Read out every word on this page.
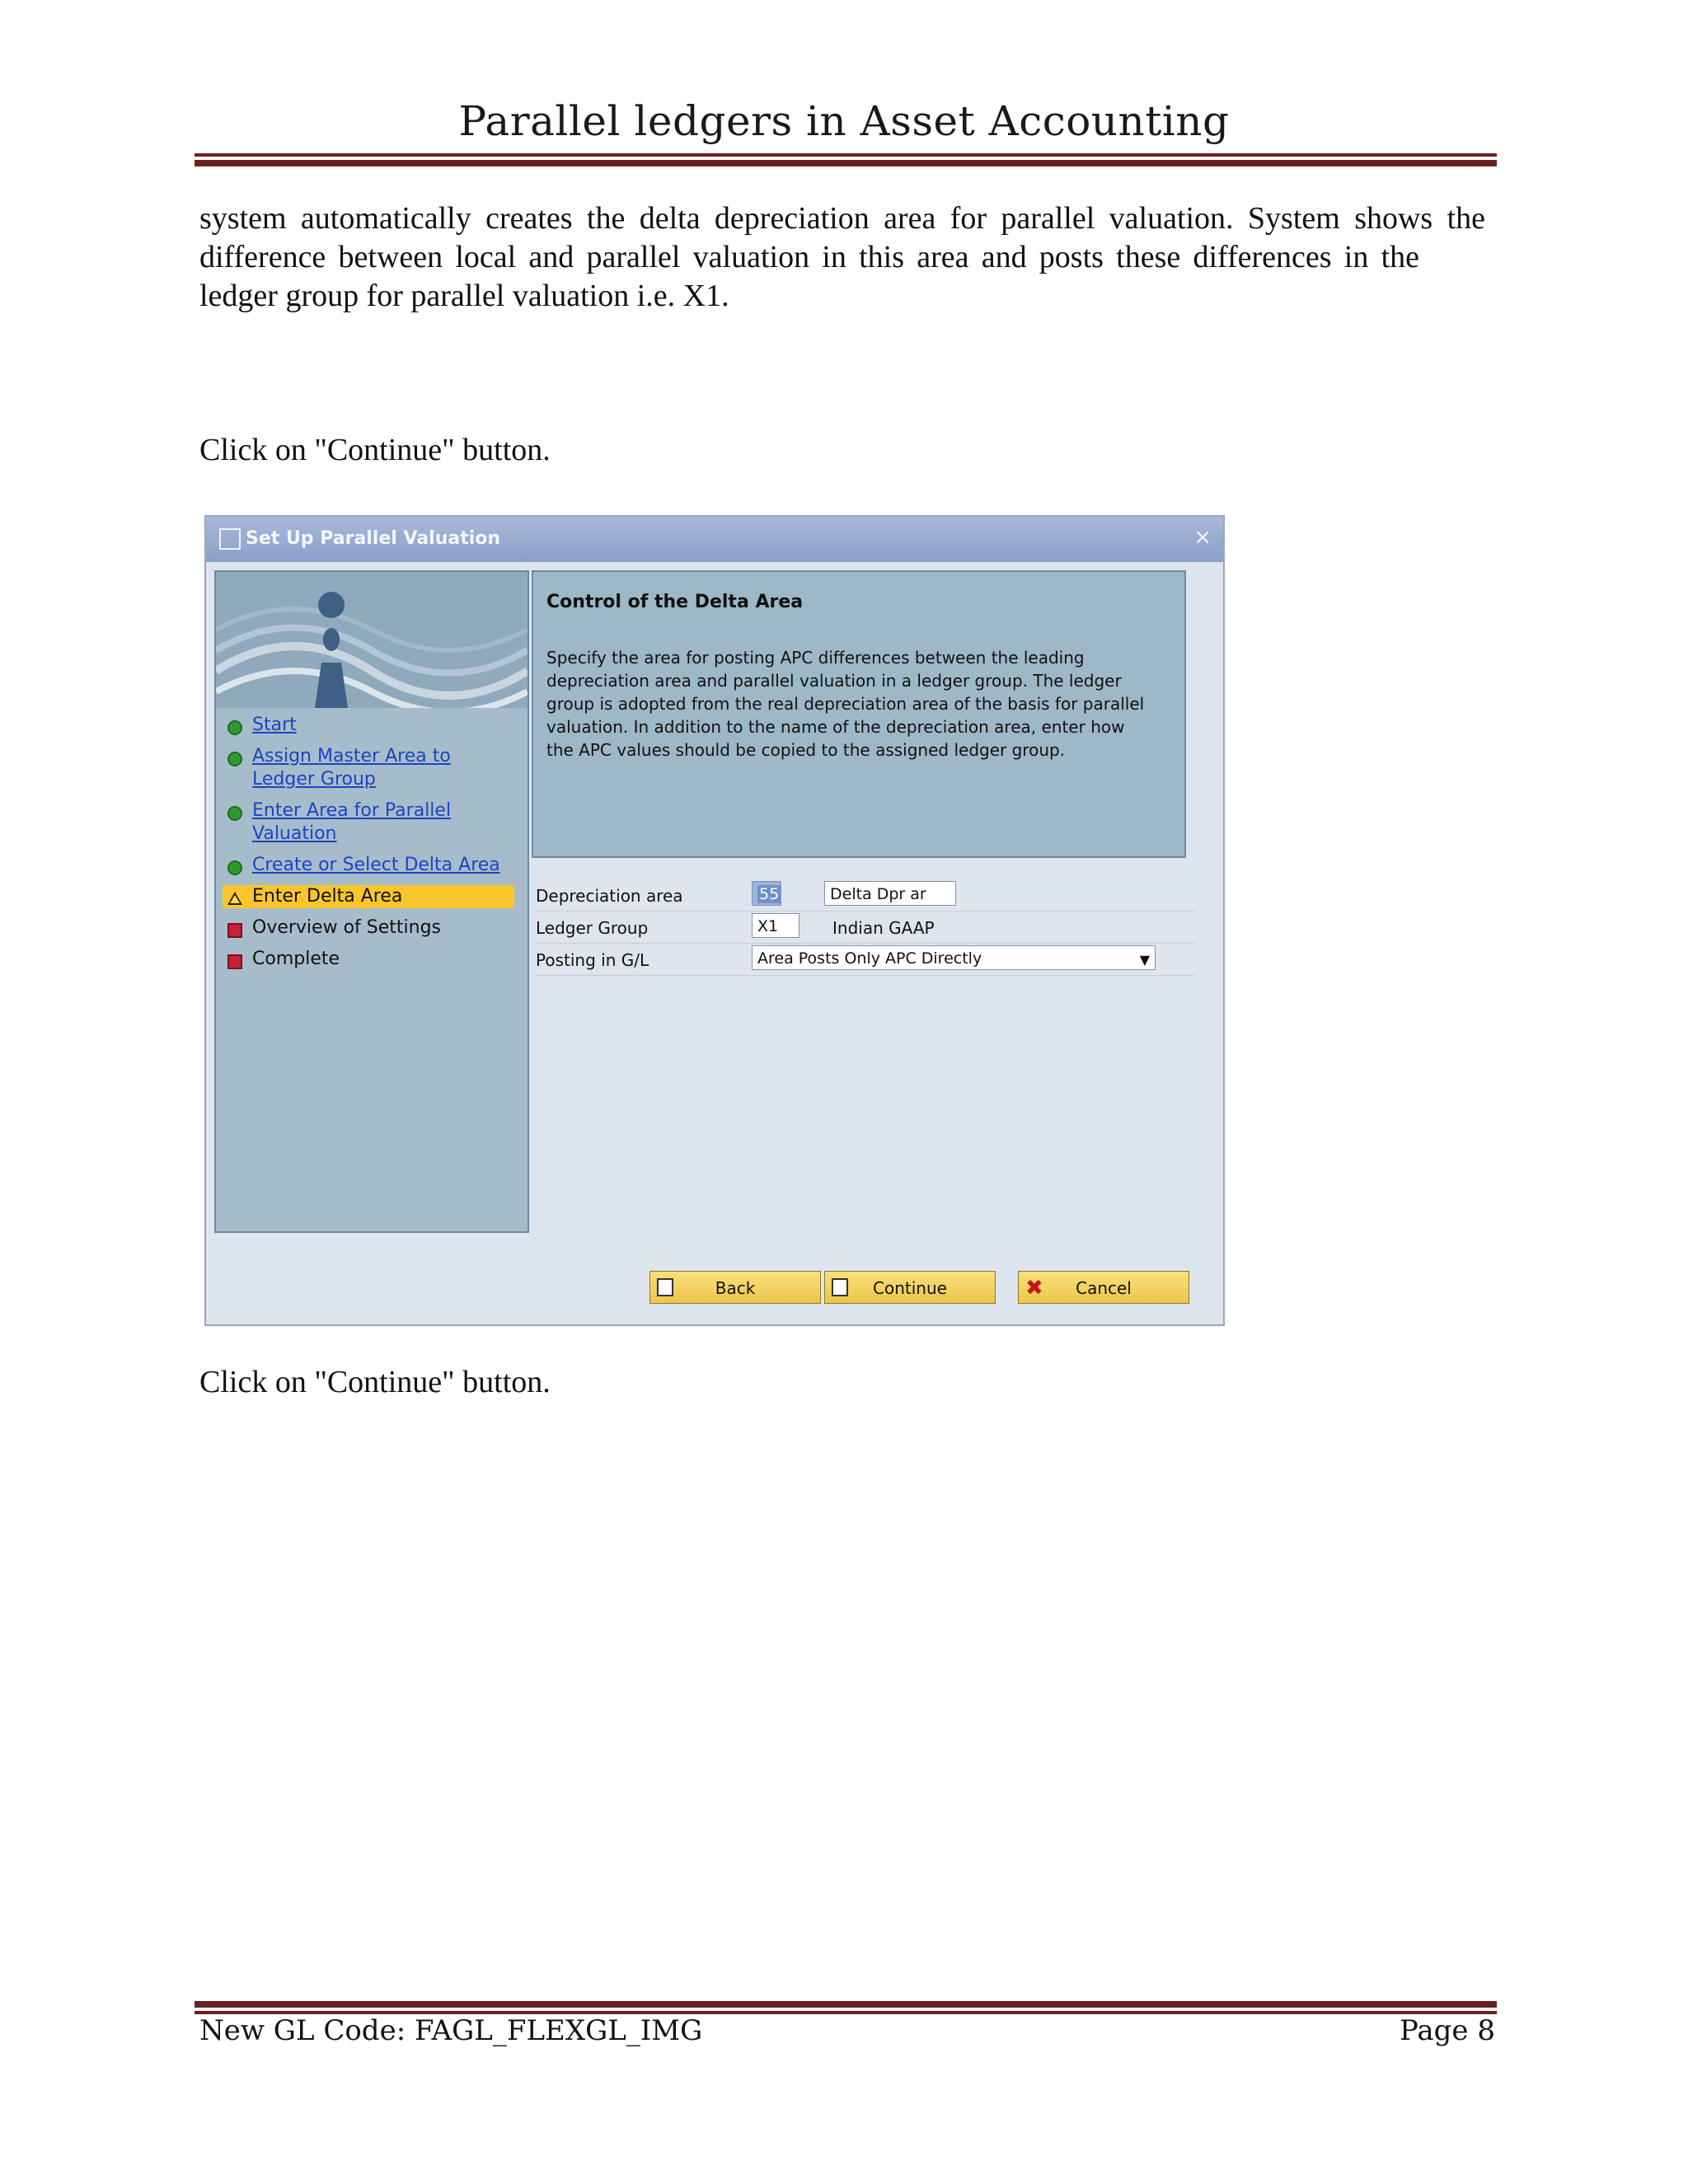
Parallel ledgers in Asset Accounting
system automatically creates the delta depreciation area for parallel valuation. System shows the
difference between local and parallel valuation in this area and posts these differences in the
ledger group for parallel valuation i.e. X1.
Click on "Continue" button.
Set Up Parallel Valuation	×
Start
Assign Master Area to
Ledger Group
Enter Area for Parallel
Valuation
Create or Select Delta Area
Enter Delta Area
Overview of Settings
Complete
Control of the Delta Area
Specify the area for posting APC differences between the leading
depreciation area and parallel valuation in a ledger group. The ledger
group is adopted from the real depreciation area of the basis for parallel
valuation. In addition to the name of the depreciation area, enter how
the APC values should be copied to the assigned ledger group.
Depreciation area	55	Delta Dpr ar
Ledger Group	X1	Indian GAAP
Posting in G/L	Area Posts Only APC Directly	▼
Back	Continue	✖ Cancel
Click on "Continue" button.
New GL Code: FAGL_FLEXGL_IMG	Page 8
